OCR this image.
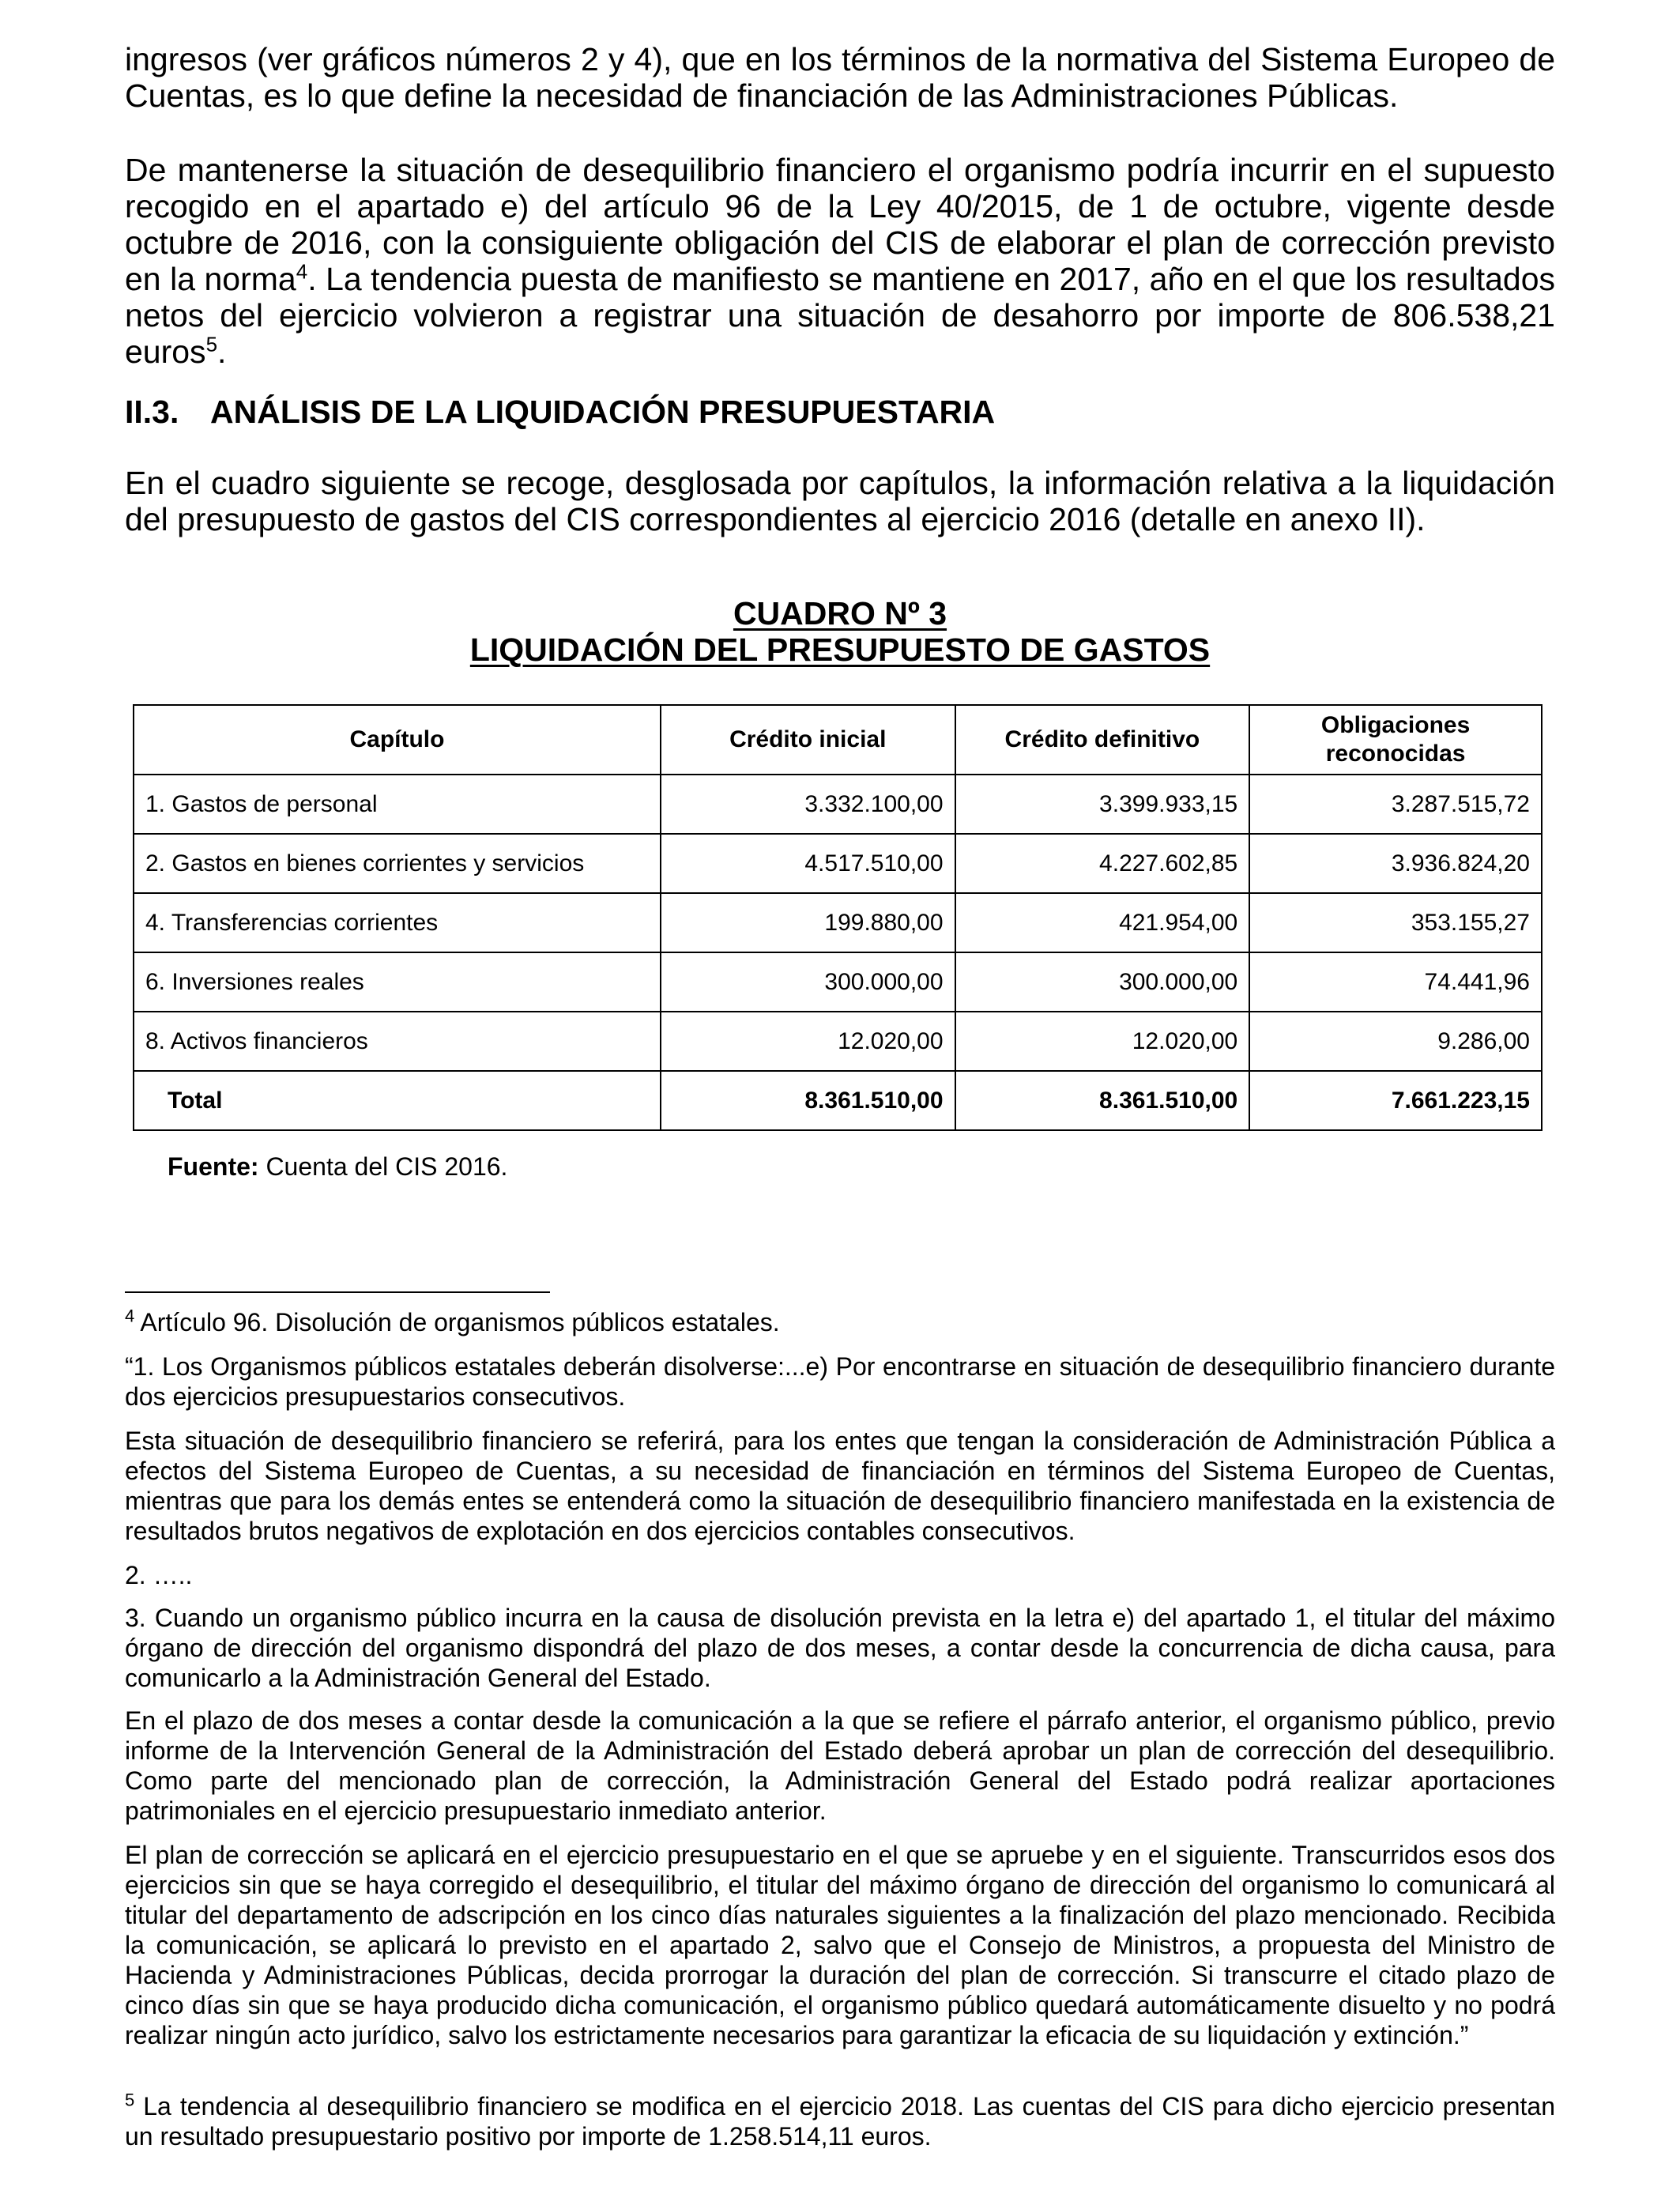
ingresos (ver gráficos números 2 y 4), que en los términos de la normativa del Sistema Europeo de Cuentas, es lo que define la necesidad de financiación de las Administraciones Públicas.

De mantenerse la situación de desequilibrio financiero el organismo podría incurrir en el supuesto recogido en el apartado e) del artículo 96 de la Ley 40/2015, de 1 de octubre, vigente desde octubre de 2016, con la consiguiente obligación del CIS de elaborar el plan de corrección previsto en la norma$^4$. La tendencia puesta de manifiesto se mantiene en 2017, año en el que los resultados netos del ejercicio volvieron a registrar una situación de desahorro por importe de 806.538,21 euros$^5$.

II.3. ANÁLISIS DE LA LIQUIDACIÓN PRESUPUESTARIA

En el cuadro siguiente se recoge, desglosada por capítulos, la información relativa a la liquidación del presupuesto de gastos del CIS correspondientes al ejercicio 2016 (detalle en anexo II).

CUADRO Nº 3
LIQUIDACIÓN DEL PRESUPUESTO DE GASTOS
Capítulo	Crédito inicial	Crédito definitivo	Obligaciones reconocidas
1. Gastos de personal	3.332.100,00	3.399.933,15	3.287.515,72
2. Gastos en bienes corrientes y servicios	4.517.510,00	4.227.602,85	3.936.824,20
4. Transferencias corrientes	199.880,00	421.954,00	353.155,27
6. Inversiones reales	300.000,00	300.000,00	74.441,96
8. Activos financieros	12.020,00	12.020,00	9.286,00
Total	8.361.510,00	8.361.510,00	7.661.223,15
Fuente: Cuenta del CIS 2016.

$^4$ Artículo 96. Disolución de organismos públicos estatales.

“1. Los Organismos públicos estatales deberán disolverse:...e) Por encontrarse en situación de desequilibrio financiero durante dos ejercicios presupuestarios consecutivos.

Esta situación de desequilibrio financiero se referirá, para los entes que tengan la consideración de Administración Pública a efectos del Sistema Europeo de Cuentas, a su necesidad de financiación en términos del Sistema Europeo de Cuentas, mientras que para los demás entes se entenderá como la situación de desequilibrio financiero manifestada en la existencia de resultados brutos negativos de explotación en dos ejercicios contables consecutivos.

2. …..

3. Cuando un organismo público incurra en la causa de disolución prevista en la letra e) del apartado 1, el titular del máximo órgano de dirección del organismo dispondrá del plazo de dos meses, a contar desde la concurrencia de dicha causa, para comunicarlo a la Administración General del Estado.

En el plazo de dos meses a contar desde la comunicación a la que se refiere el párrafo anterior, el organismo público, previo informe de la Intervención General de la Administración del Estado deberá aprobar un plan de corrección del desequilibrio. Como parte del mencionado plan de corrección, la Administración General del Estado podrá realizar aportaciones patrimoniales en el ejercicio presupuestario inmediato anterior.

El plan de corrección se aplicará en el ejercicio presupuestario en el que se apruebe y en el siguiente. Transcurridos esos dos ejercicios sin que se haya corregido el desequilibrio, el titular del máximo órgano de dirección del organismo lo comunicará al titular del departamento de adscripción en los cinco días naturales siguientes a la finalización del plazo mencionado. Recibida la comunicación, se aplicará lo previsto en el apartado 2, salvo que el Consejo de Ministros, a propuesta del Ministro de Hacienda y Administraciones Públicas, decida prorrogar la duración del plan de corrección. Si transcurre el citado plazo de cinco días sin que se haya producido dicha comunicación, el organismo público quedará automáticamente disuelto y no podrá realizar ningún acto jurídico, salvo los estrictamente necesarios para garantizar la eficacia de su liquidación y extinción.”

$^5$ La tendencia al desequilibrio financiero se modifica en el ejercicio 2018. Las cuentas del CIS para dicho ejercicio presentan un resultado presupuestario positivo por importe de 1.258.514,11 euros.
